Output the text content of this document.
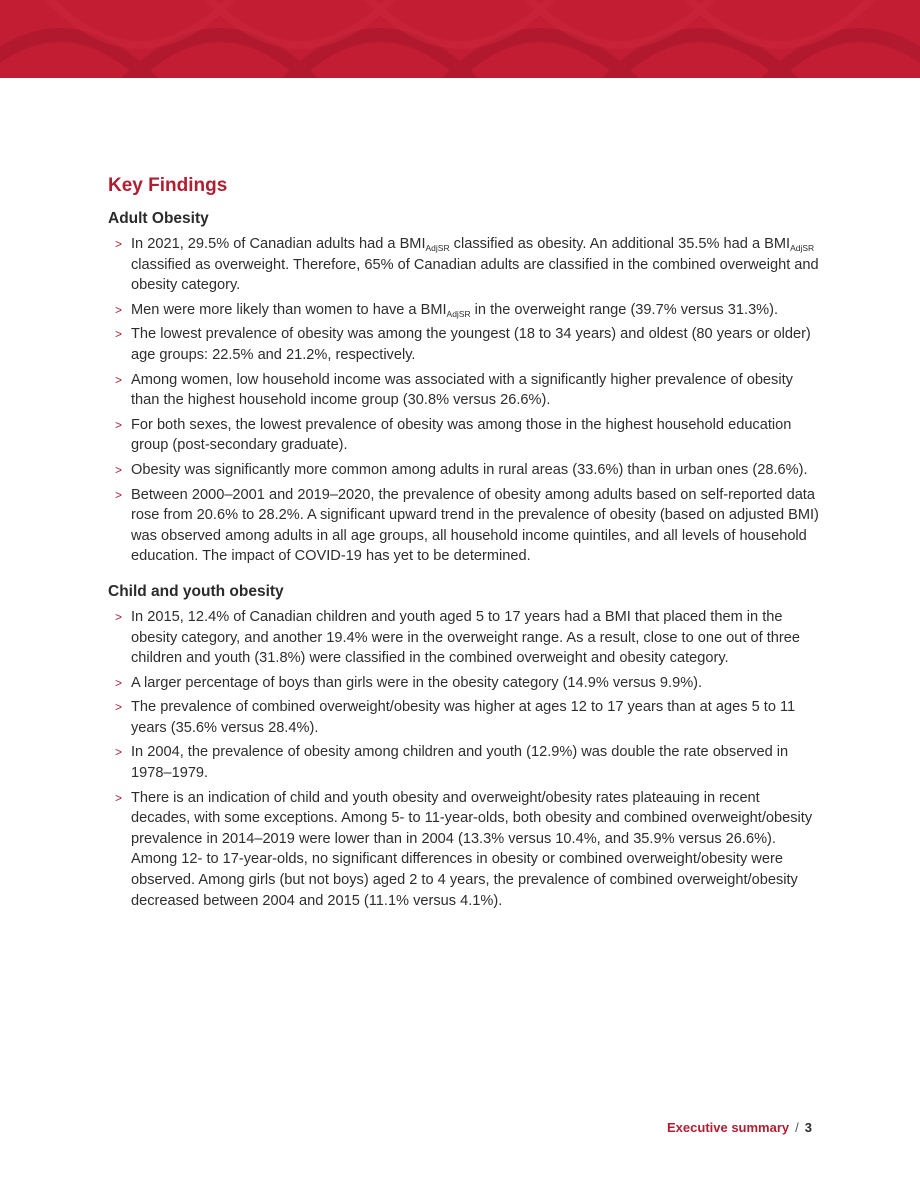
Key Findings
Adult Obesity
> In 2021, 29.5% of Canadian adults had a $BMI_{AdjSR}$ classified as obesity. An additional 35.5% had a $BMI_{AdjSR}$ classified as overweight. Therefore, 65% of Canadian adults are classified in the combined overweight and obesity category.
> Men were more likely than women to have a $BMI_{AdjSR}$ in the overweight range (39.7% versus 31.3%).
> The lowest prevalence of obesity was among the youngest (18 to 34 years) and oldest (80 years or older) age groups: 22.5% and 21.2%, respectively.
> Among women, low household income was associated with a significantly higher prevalence of obesity than the highest household income group (30.8% versus 26.6%).
> For both sexes, the lowest prevalence of obesity was among those in the highest household education group (post-secondary graduate).
> Obesity was significantly more common among adults in rural areas (33.6%) than in urban ones (28.6%).
> Between 2000–2001 and 2019–2020, the prevalence of obesity among adults based on self-reported data rose from 20.6% to 28.2%. A significant upward trend in the prevalence of obesity (based on adjusted BMI) was observed among adults in all age groups, all household income quintiles, and all levels of household education. The impact of COVID-19 has yet to be determined.
Child and youth obesity
> In 2015, 12.4% of Canadian children and youth aged 5 to 17 years had a BMI that placed them in the obesity category, and another 19.4% were in the overweight range. As a result, close to one out of three children and youth (31.8%) were classified in the combined overweight and obesity category.
> A larger percentage of boys than girls were in the obesity category (14.9% versus 9.9%).
> The prevalence of combined overweight/obesity was higher at ages 12 to 17 years than at ages 5 to 11 years (35.6% versus 28.4%).
> In 2004, the prevalence of obesity among children and youth (12.9%) was double the rate observed in 1978–1979.
> There is an indication of child and youth obesity and overweight/obesity rates plateauing in recent decades, with some exceptions. Among 5- to 11-year-olds, both obesity and combined overweight/obesity prevalence in 2014–2019 were lower than in 2004 (13.3% versus 10.4%, and 35.9% versus 26.6%). Among 12- to 17-year-olds, no significant differences in obesity or combined overweight/obesity were observed. Among girls (but not boys) aged 2 to 4 years, the prevalence of combined overweight/obesity decreased between 2004 and 2015 (11.1% versus 4.1%).
Executive summary / 3
